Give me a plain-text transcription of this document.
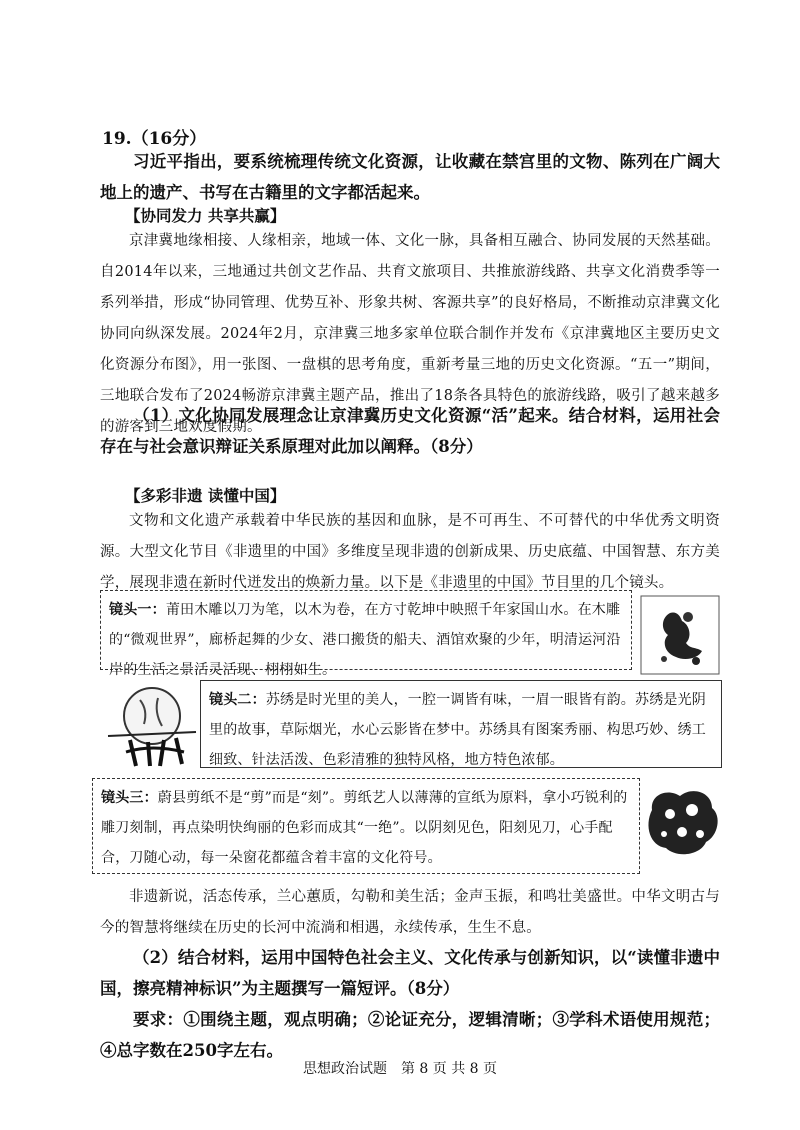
19.（16分）
习近平指出，要系统梳理传统文化资源，让收藏在禁宫里的文物、陈列在广阔大地上的遗产、书写在古籍里的文字都活起来。
【协同发力 共享共赢】
京津冀地缘相接、人缘相亲，地域一体、文化一脉，具备相互融合、协同发展的天然基础。自2014年以来，三地通过共创文艺作品、共育文旅项目、共推旅游线路、共享文化消费季等一系列举措，形成“协同管理、优势互补、形象共树、客源共享”的良好格局，不断推动京津冀文化协同向纵深发展。2024年2月，京津冀三地多家单位联合制作并发布《京津冀地区主要历史文化资源分布图》，用一张图、一盘棋的思考角度，重新考量三地的历史文化资源。“五一”期间，三地联合发布了2024畅游京津冀主题产品，推出了18条各具特色的旅游线路，吸引了越来越多的游客到三地欢度假期。
（1）文化协同发展理念让京津冀历史文化资源“活”起来。结合材料，运用社会存在与社会意识辩证关系原理对此加以阐释。（8分）
【多彩非遗 读懂中国】
文物和文化遗产承载着中华民族的基因和血脉，是不可再生、不可替代的中华优秀文明资源。大型文化节目《非遗里的中国》多维度呈现非遗的创新成果、历史底蕴、中国智慧、东方美学，展现非遗在新时代迸发出的焕新力量。以下是《非遗里的中国》节目里的几个镜头。
镜头一：莆田木雕以刀为笔，以木为卷，在方寸乾坤中映照千年家国山水。在木雕的“微观世界”，廊桥起舞的少女、港口搬货的船夫、酒馆欢聚的少年，明清运河沿岸的生活之景活灵活现、栩栩如生。
镜头二：苏绣是时光里的美人，一腔一调皆有味，一眉一眼皆有韵。苏绣是光阴里的故事，草际烟光，水心云影皆在梦中。苏绣具有图案秀丽、构思巧妙、绣工细致、针法活泼、色彩清雅的独特风格，地方特色浓郁。
镜头三：蔚县剪纸不是“剪”而是“刻”。剪纸艺人以薄薄的宣纸为原料，拿小巧锐利的雕刀刻制，再点染明快绚丽的色彩而成其“一绝”。以阴刻见色，阳刻见刀，心手配合，刀随心动，每一朵窗花都蕴含着丰富的文化符号。
非遗新说，活态传承，兰心蕙质，勾勒和美生活；金声玉振，和鸣壮美盛世。中华文明古与今的智慧将继续在历史的长河中流淌和相遇，永续传承，生生不息。
（2）结合材料，运用中国特色社会主义、文化传承与创新知识，以“读懂非遗中国，擦亮精神标识”为主题撰写一篇短评。（8分）
要求：①围绕主题，观点明确；②论证充分，逻辑清晰；③学科术语使用规范；④总字数在250字左右。
思想政治试题　第 8 页 共 8 页
